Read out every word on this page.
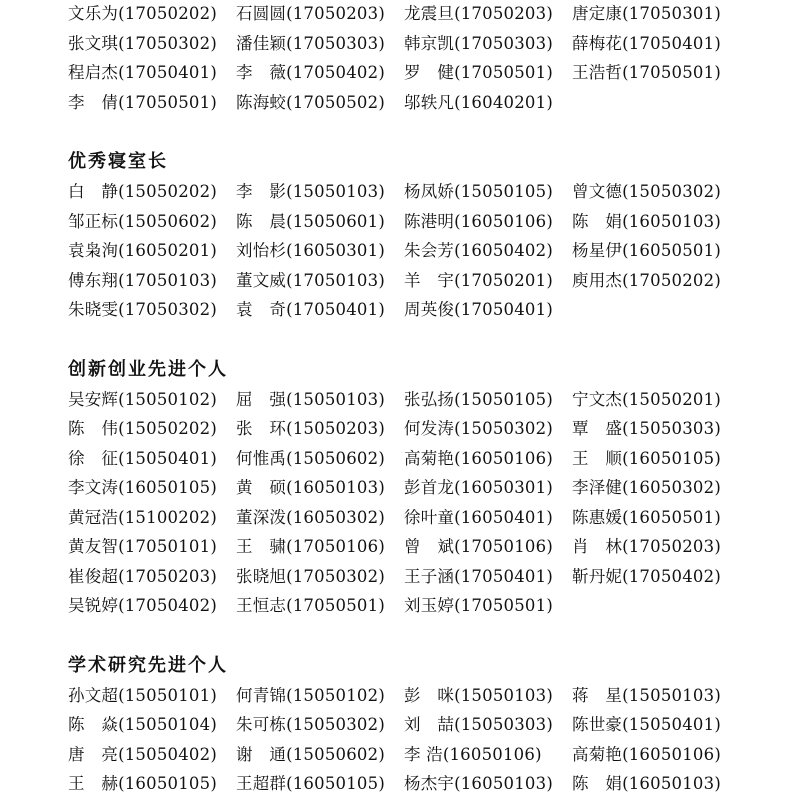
文乐为(17050202)	石圆圆(17050203)	龙震旦(17050203)	唐定康(17050301)
张文琪(17050302)	潘佳颖(17050303)	韩京凯(17050303)	薛梅花(17050401)
程启杰(17050401)	李　薇(17050402)	罗　健(17050501)	王浩哲(17050501)
李　倩(17050501)	陈海蛟(17050502)	邬轶凡(16040201)
优秀寝室长
白　静(15050202)	李　影(15050103)	杨凤娇(15050105)	曾文德(15050302)
邹正标(15050602)	陈　晨(15050601)	陈港明(16050106)	陈　娟(16050103)
袁枭洵(16050201)	刘怡杉(16050301)	朱会芳(16050402)	杨星伊(16050501)
傅东翔(17050103)	董文威(17050103)	羊　宇(17050201)	庾用杰(17050202)
朱晓雯(17050302)	袁　奇(17050401)	周英俊(17050401)
创新创业先进个人
吴安辉(15050102)	屈　强(15050103)	张弘扬(15050105)	宁文杰(15050201)
陈　伟(15050202)	张　环(15050203)	何发涛(15050302)	覃　盛(15050303)
徐　征(15050401)	何惟禹(15050602)	高菊艳(16050106)	王　顺(16050105)
李文涛(16050105)	黄　硕(16050103)	彭首龙(16050301)	李泽健(16050302)
黄冠浩(15100202)	董深泼(16050302)	徐叶童(16050401)	陈惠媛(16050501)
黄友智(17050101)	王　骕(17050106)	曾　斌(17050106)	肖　林(17050203)
崔俊超(17050203)	张晓旭(17050302)	王子涵(17050401)	靳丹妮(17050402)
吴锐婷(17050402)	王恒志(17050501)	刘玉婷(17050501)
学术研究先进个人
孙文超(15050101)	何青锦(15050102)	彭　咪(15050103)	蒋　星(15050103)
陈　焱(15050104)	朱可栋(15050302)	刘　喆(15050303)	陈世豪(15050401)
唐　亮(15050402)	谢　通(15050602)	李 浩(16050106)	高菊艳(16050106)
王　赫(16050105)	王超群(16050105)	杨杰宇(16050103)	陈　娟(16050103)
